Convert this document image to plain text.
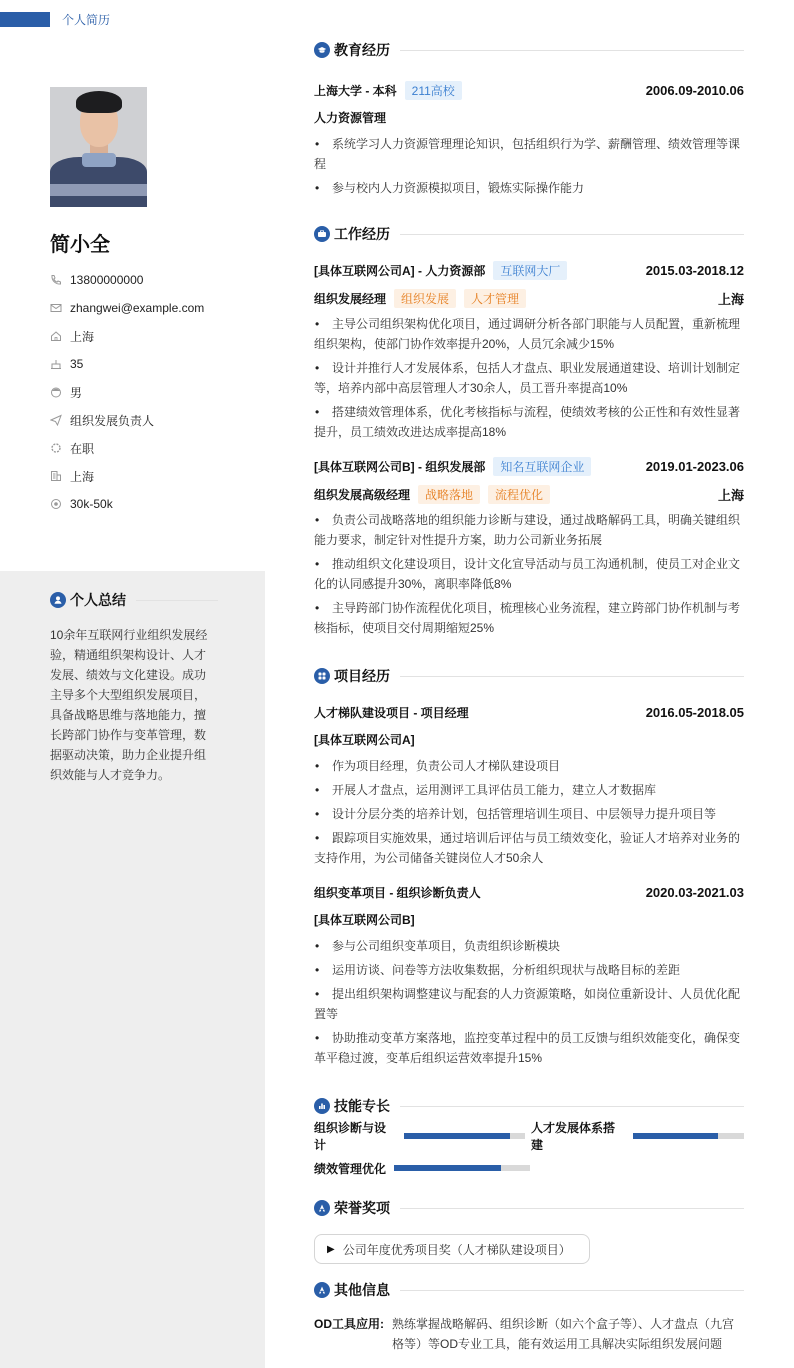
个人简历
简小全
13800000000
zhangwei@example.com
上海
35
男
组织发展负责人
在职
上海
30k-50k
个人总结
10余年互联网行业组织发展经验，精通组织架构设计、人才发展、绩效与文化建设。成功主导多个大型组织发展项目，具备战略思维与落地能力，擅长跨部门协作与变革管理，数据驱动决策，助力企业提升组织效能与人才竞争力。
教育经历
上海大学 - 本科	211高校	2006.09-2010.06
人力资源管理
• 系统学习人力资源管理理论知识，包括组织行为学、薪酬管理、绩效管理等课程
• 参与校内人力资源模拟项目，锻炼实际操作能力
工作经历
[具体互联网公司A] - 人力资源部	互联网大厂	2015.03-2018.12
组织发展经理	组织发展	人才管理	上海
• 主导公司组织架构优化项目，通过调研分析各部门职能与人员配置，重新梳理组织架构，使部门协作效率提升20%，人员冗余减少15%
• 设计并推行人才发展体系，包括人才盘点、职业发展通道建设、培训计划制定等，培养内部中高层管理人才30余人，员工晋升率提高10%
• 搭建绩效管理体系，优化考核指标与流程，使绩效考核的公正性和有效性显著提升，员工绩效改进达成率提高18%
[具体互联网公司B] - 组织发展部	知名互联网企业	2019.01-2023.06
组织发展高级经理	战略落地	流程优化	上海
• 负责公司战略落地的组织能力诊断与建设，通过战略解码工具，明确关键组织能力要求，制定针对性提升方案，助力公司新业务拓展
• 推动组织文化建设项目，设计文化宣导活动与员工沟通机制，使员工对企业文化的认同感提升30%，离职率降低8%
• 主导跨部门协作流程优化项目，梳理核心业务流程，建立跨部门协作机制与考核指标，使项目交付周期缩短25%
项目经历
人才梯队建设项目 - 项目经理	2016.05-2018.05
[具体互联网公司A]
• 作为项目经理，负责公司人才梯队建设项目
• 开展人才盘点，运用测评工具评估员工能力，建立人才数据库
• 设计分层分类的培养计划，包括管理培训生项目、中层领导力提升项目等
• 跟踪项目实施效果，通过培训后评估与员工绩效变化，验证人才培养对业务的支持作用，为公司储备关键岗位人才50余人
组织变革项目 - 组织诊断负责人	2020.03-2021.03
[具体互联网公司B]
• 参与公司组织变革项目，负责组织诊断模块
• 运用访谈、问卷等方法收集数据，分析组织现状与战略目标的差距
• 提出组织架构调整建议与配套的人力资源策略，如岗位重新设计、人员优化配置等
• 协助推动变革方案落地，监控变革过程中的员工反馈与组织效能变化，确保变革平稳过渡，变革后组织运营效率提升15%
技能专长
组织诊断与设计
人才发展体系搭建
绩效管理优化
荣誉奖项
▶ 公司年度优秀项目奖（人才梯队建设项目）
其他信息
OD工具应用: 熟练掌握战略解码、组织诊断（如六个盒子等）、人才盘点（九宫格等）等OD专业工具，能有效运用工具解决实际组织发展问题
